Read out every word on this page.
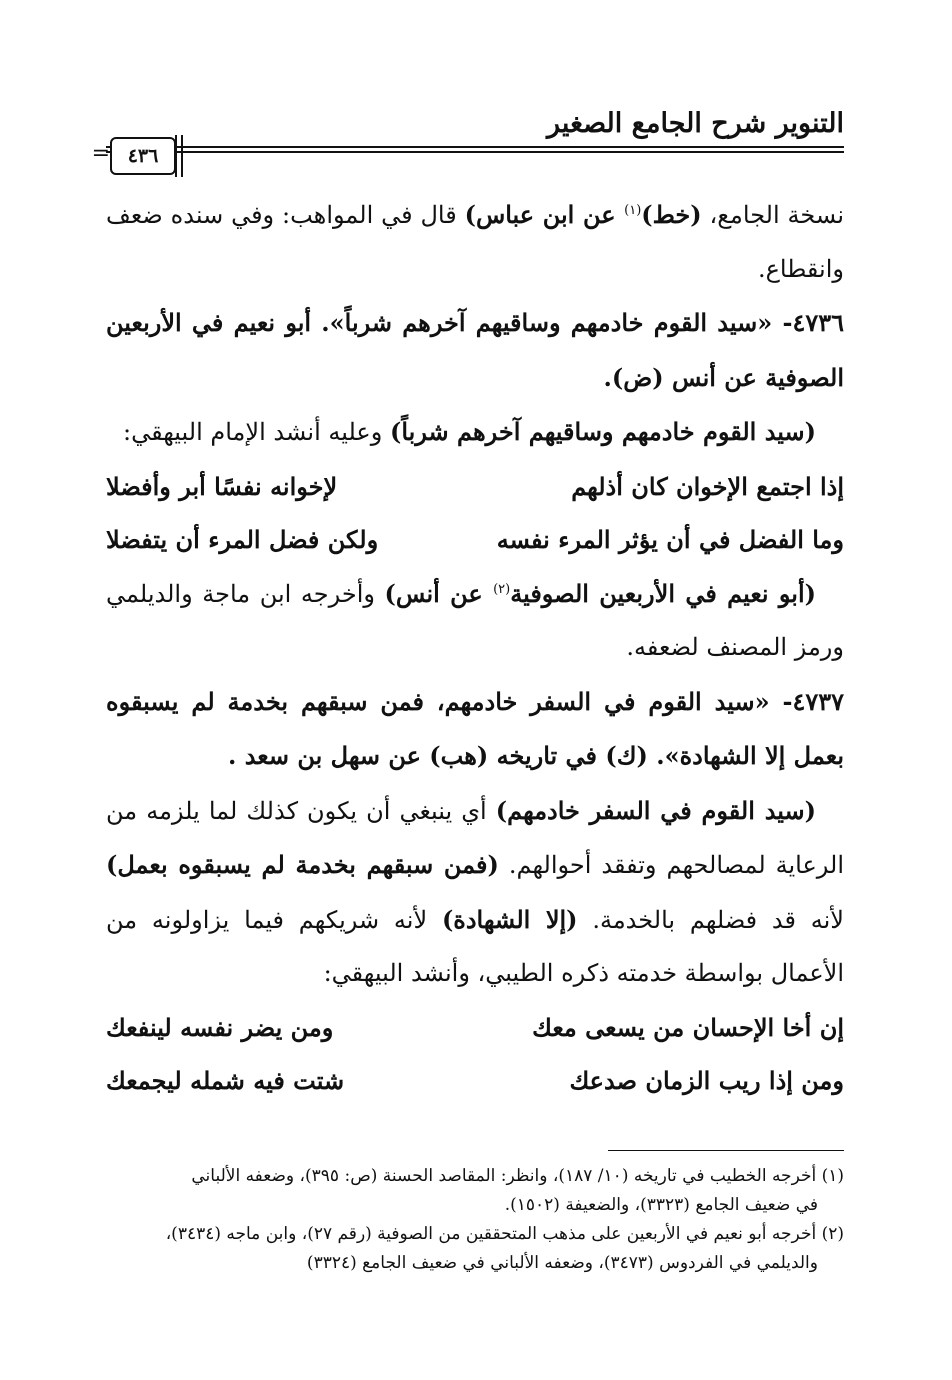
التنوير شرح الجامع الصغير
٤٣٦
=

نسخة الجامع، (خط)$^{(١)}$ عن ابن عباس) قال في المواهب: وفي سنده ضعف وانقطاع.

٤٧٣٦- «سيد القوم خادمهم وساقيهم آخرهم شرباً». أبو نعيم في الأربعين الصوفية عن أنس (ض).

(سيد القوم خادمهم وساقيهم آخرهم شرباً) وعليه أنشد الإمام البيهقي:

إذا اجتمع الإخوان كان أذلهم
لإخوانه نفسًا أبر وأفضلا
وما الفضل في أن يؤثر المرء نفسه
ولكن فضل المرء أن يتفضلا

(أبو نعيم في الأربعين الصوفية$^{(٢)}$ عن أنس) وأخرجه ابن ماجة والديلمي ورمز المصنف لضعفه.

٤٧٣٧- «سيد القوم في السفر خادمهم، فمن سبقهم بخدمة لم يسبقوه بعمل إلا الشهادة». (ك) في تاريخه (هب) عن سهل بن سعد .

(سيد القوم في السفر خادمهم) أي ينبغي أن يكون كذلك لما يلزمه من الرعاية لمصالحهم وتفقد أحوالهم. (فمن سبقهم بخدمة لم يسبقوه بعمل) لأنه قد فضلهم بالخدمة. (إلا الشهادة) لأنه شريكهم فيما يزاولونه من الأعمال بواسطة خدمته ذكره الطيبي، وأنشد البيهقي:

إن أخا الإحسان من يسعى معك
ومن يضر نفسه لينفعك
ومن إذا ريب الزمان صدعك
شتت فيه شمله ليجمعك

(١) أخرجه الخطيب في تاريخه (١٠/ ١٨٧)، وانظر: المقاصد الحسنة (ص: ٣٩٥)، وضعفه الألباني

في ضعيف الجامع (٣٣٢٣)، والضعيفة (١٥٠٢).

(٢) أخرجه أبو نعيم في الأربعين على مذهب المتحققين من الصوفية (رقم ٢٧)، وابن ماجه (٣٤٣٤)،

والديلمي في الفردوس (٣٤٧٣)، وضعفه الألباني في ضعيف الجامع (٣٣٢٤)
